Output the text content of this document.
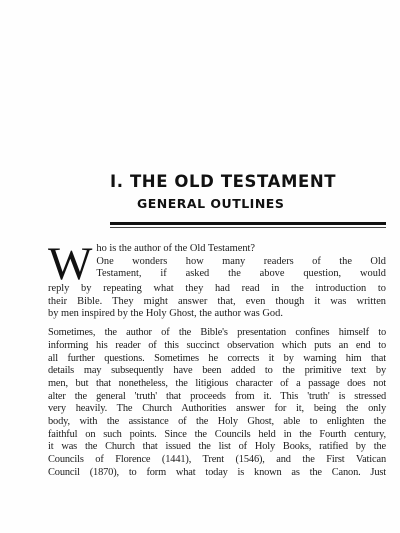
I. THE OLD TESTAMENT
GENERAL OUTLINES
W ho is the author of the Old Testament?
One wonders how many readers of the Old
Testament, if asked the above question, would
reply by repeating what they had read in the introduction to
their Bible. They might answer that, even though it was written
by men inspired by the Holy Ghost, the author was God.
Sometimes, the author of the Bible's presentation confines himself to
informing his reader of this succinct observation which puts an end to
all further questions. Sometimes he corrects it by warning him that
details may subsequently have been added to the primitive text by
men, but that nonetheless, the litigious character of a passage does not
alter the general 'truth' that proceeds from it. This 'truth' is stressed
very heavily. The Church Authorities answer for it, being the only
body, with the assistance of the Holy Ghost, able to enlighten the
faithful on such points. Since the Councils held in the Fourth century,
it was the Church that issued the list of Holy Books, ratified by the
Councils of Florence (1441), Trent (1546), and the First Vatican
Council (1870), to form what today is known as the Canon. Just
